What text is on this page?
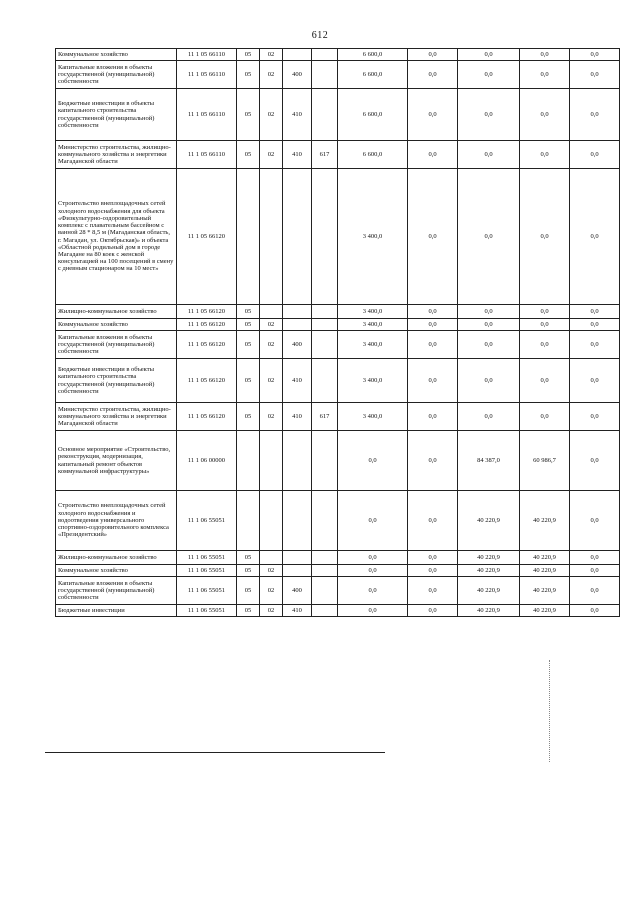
612
Коммунальное хозяйство	11 1 05 66110	05	02			6 600,0	0,0	0,0	0,0	0,0
Капитальные вложения в объекты государственной (муниципальной) собственности	11 1 05 66110	05	02	400		6 600,0	0,0	0,0	0,0	0,0
Бюджетные инвестиции в объекты капитального строительства государственной (муниципальной) собственности	11 1 05 66110	05	02	410		6 600,0	0,0	0,0	0,0	0,0
Министерство строительства, жилищно-коммунального хозяйства и энергетики Магаданской области	11 1 05 66110	05	02	410	617	6 600,0	0,0	0,0	0,0	0,0
Строительство внеплощадочных сетей холодного водоснабжения для объекта «Физкультурно-оздоровительный комплекс с плавательным бассейном с ванной 28 * 8,5 м (Магаданская область, г. Магадан, ул. Октябрьская)» и объекта «Областной родильный дом в городе Магадане на 80 коек с женской консультацией на 100 посещений в смену с дневным стационаром на 10 мест»	11 1 05 66120					3 400,0	0,0	0,0	0,0	0,0
Жилищно-коммунальное хозяйство	11 1 05 66120	05				3 400,0	0,0	0,0	0,0	0,0
Коммунальное хозяйство	11 1 05 66120	05	02			3 400,0	0,0	0,0	0,0	0,0
Капитальные вложения в объекты государственной (муниципальной) собственности	11 1 05 66120	05	02	400		3 400,0	0,0	0,0	0,0	0,0
Бюджетные инвестиции в объекты капитального строительства государственной (муниципальной) собственности	11 1 05 66120	05	02	410		3 400,0	0,0	0,0	0,0	0,0
Министерство строительства, жилищно-коммунального хозяйства и энергетики Магаданской области	11 1 05 66120	05	02	410	617	3 400,0	0,0	0,0	0,0	0,0
Основное мероприятие «Строительство, реконструкция, модернизация, капитальный ремонт объектов коммунальной инфраструктуры»	11 1 06 00000					0,0	0,0	84 387,0	60 986,7	0,0
Строительство внеплощадочных сетей холодного водоснабжения и водоотведения универсального спортивно-оздоровительного комплекса «Президентский»	11 1 06 55051					0,0	0,0	40 220,9	40 220,9	0,0
Жилищно-коммунальное хозяйство	11 1 06 55051	05				0,0	0,0	40 220,9	40 220,9	0,0
Коммунальное хозяйство	11 1 06 55051	05	02			0,0	0,0	40 220,9	40 220,9	0,0
Капитальные вложения в объекты государственной (муниципальной) собственности	11 1 06 55051	05	02	400		0,0	0,0	40 220,9	40 220,9	0,0
Бюджетные инвестиции	11 1 06 55051	05	02	410		0,0	0,0	40 220,9	40 220,9	0,0
